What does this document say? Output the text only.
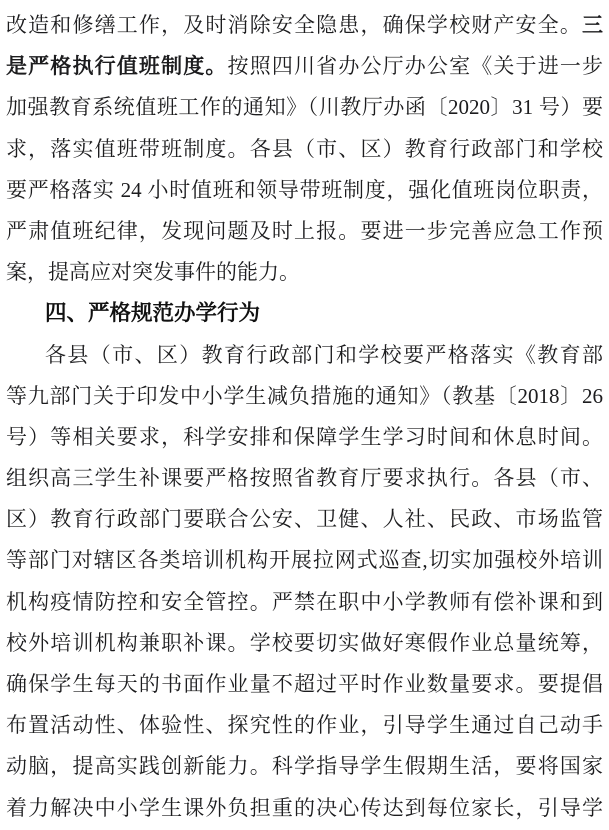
改造和修缮工作，及时消除安全隐患，确保学校财产安全。三
是严格执行值班制度。按照四川省办公厅办公室《关于进一步
加强教育系统值班工作的通知》（川教厅办函〔2020〕31 号）要
求，落实值班带班制度。各县（市、区）教育行政部门和学校
要严格落实 24 小时值班和领导带班制度，强化值班岗位职责，
严肃值班纪律，发现问题及时上报。要进一步完善应急工作预
案，提高应对突发事件的能力。
四、严格规范办学行为
各县（市、区）教育行政部门和学校要严格落实《教育部
等九部门关于印发中小学生减负措施的通知》（教基〔2018〕26
号）等相关要求，科学安排和保障学生学习时间和休息时间。
组织高三学生补课要严格按照省教育厅要求执行。各县（市、
区）教育行政部门要联合公安、卫健、人社、民政、市场监管
等部门对辖区各类培训机构开展拉网式巡查,切实加强校外培训
机构疫情防控和安全管控。严禁在职中小学教师有偿补课和到
校外培训机构兼职补课。学校要切实做好寒假作业总量统筹，
确保学生每天的书面作业量不超过平时作业数量要求。要提倡
布置活动性、体验性、探究性的作业，引导学生通过自己动手
动脑，提高实践创新能力。科学指导学生假期生活，要将国家
着力解决中小学生课外负担重的决心传达到每位家长，引导学
